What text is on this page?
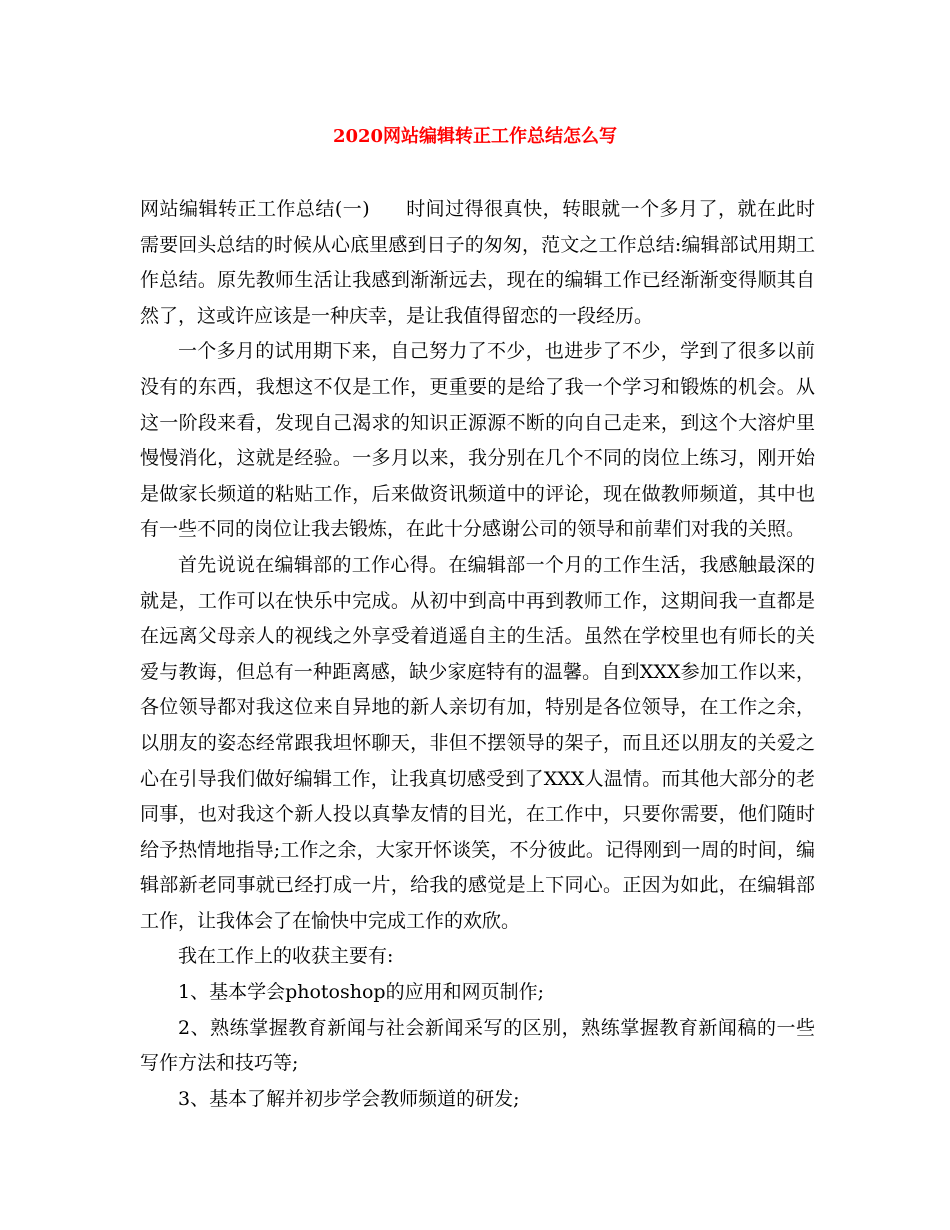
2020网站编辑转正工作总结怎么写

网站编辑转正工作总结(一) 时间过得很真快，转眼就一个多月了，就在此时需要回头总结的时候从心底里感到日子的匆匆，范文之工作总结:编辑部试用期工作总结。原先教师生活让我感到渐渐远去，现在的编辑工作已经渐渐变得顺其自然了，这或许应该是一种庆幸，是让我值得留恋的一段经历。

一个多月的试用期下来，自己努力了不少，也进步了不少，学到了很多以前没有的东西，我想这不仅是工作，更重要的是给了我一个学习和锻炼的机会。从这一阶段来看，发现自己渴求的知识正源源不断的向自己走来，到这个大溶炉里慢慢消化，这就是经验。一多月以来，我分别在几个不同的岗位上练习，刚开始是做家长频道的粘贴工作，后来做资讯频道中的评论，现在做教师频道，其中也有一些不同的岗位让我去锻炼，在此十分感谢公司的领导和前辈们对我的关照。

首先说说在编辑部的工作心得。在编辑部一个月的工作生活，我感触最深的就是，工作可以在快乐中完成。从初中到高中再到教师工作，这期间我一直都是在远离父母亲人的视线之外享受着逍遥自主的生活。虽然在学校里也有师长的关爱与教诲，但总有一种距离感，缺少家庭特有的温馨。自到XXX参加工作以来，各位领导都对我这位来自异地的新人亲切有加，特别是各位领导，在工作之余，以朋友的姿态经常跟我坦怀聊天，非但不摆领导的架子，而且还以朋友的关爱之心在引导我们做好编辑工作，让我真切感受到了XXX人温情。而其他大部分的老同事，也对我这个新人投以真挚友情的目光，在工作中，只要你需要，他们随时给予热情地指导;工作之余，大家开怀谈笑，不分彼此。记得刚到一周的时间，编辑部新老同事就已经打成一片，给我的感觉是上下同心。正因为如此，在编辑部工作，让我体会了在愉快中完成工作的欢欣。

我在工作上的收获主要有:

1、基本学会photoshop的应用和网页制作;

2、熟练掌握教育新闻与社会新闻采写的区别，熟练掌握教育新闻稿的一些写作方法和技巧等;

3、基本了解并初步学会教师频道的研发;
